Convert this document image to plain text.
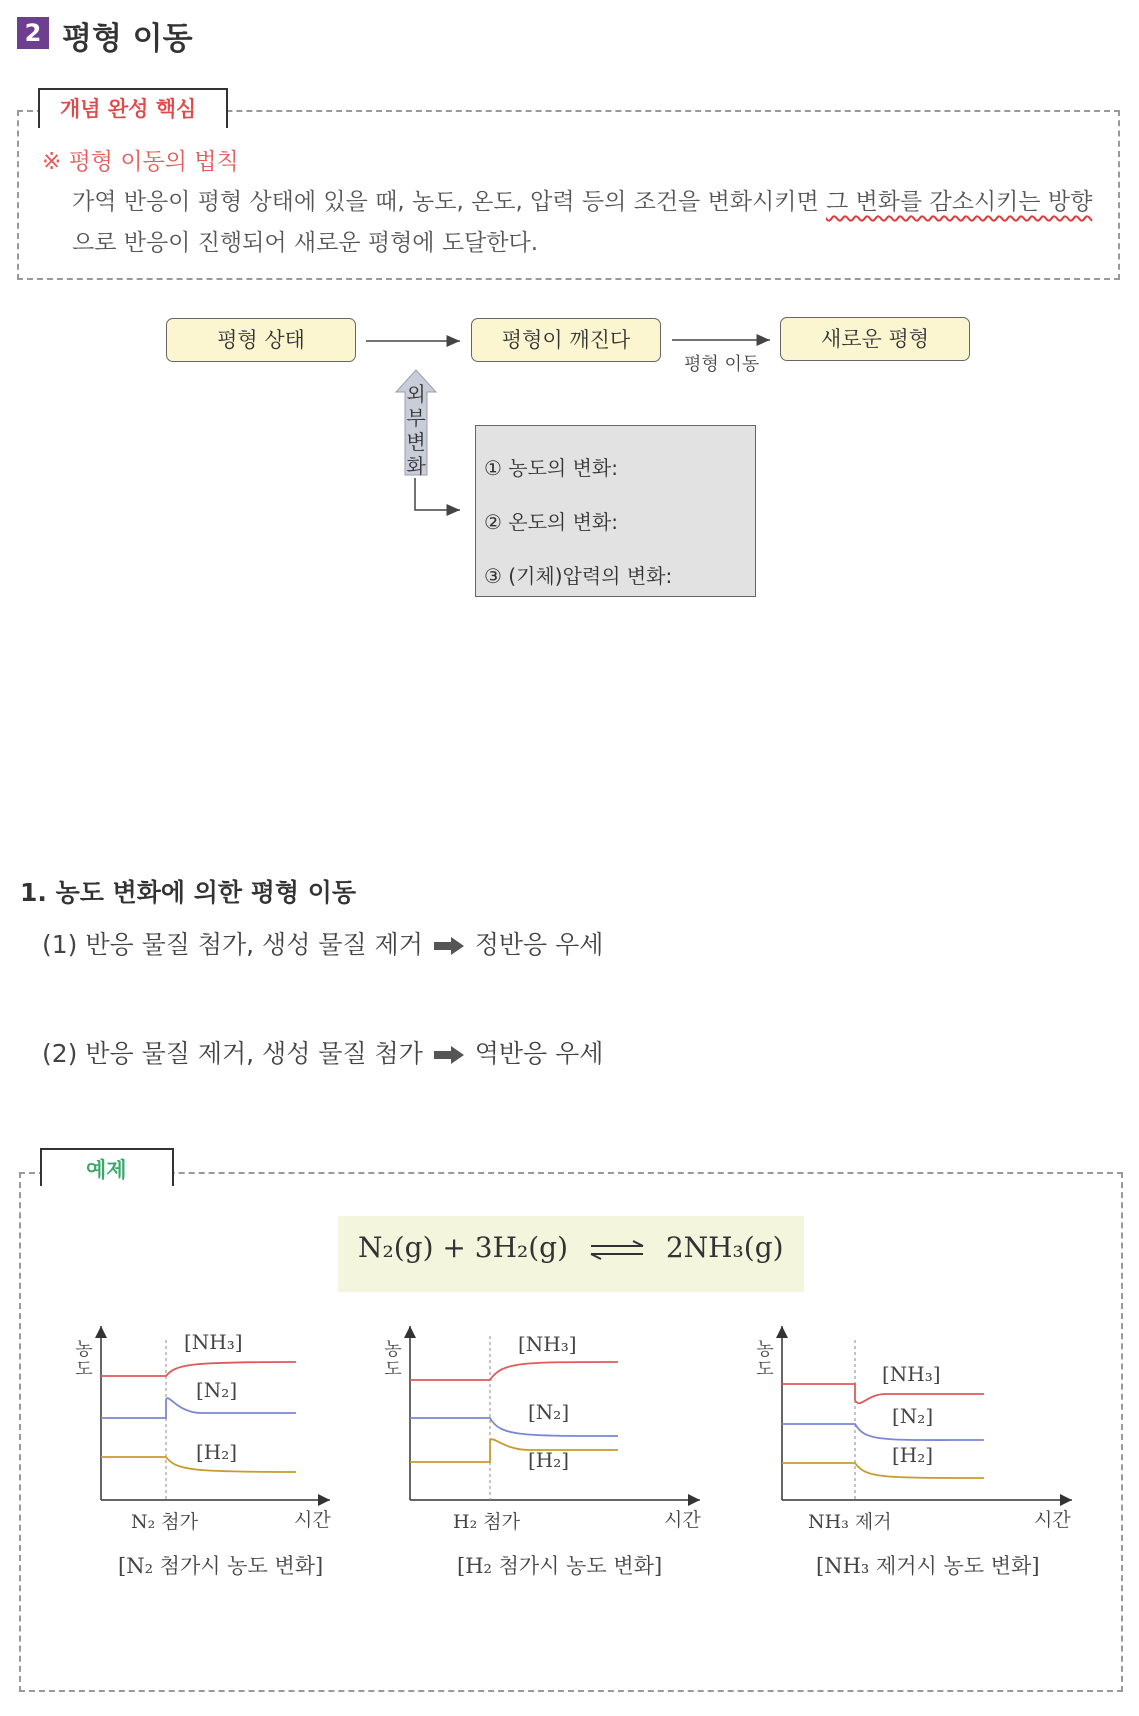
2 평형 이동
개념 완성 핵심
※ 평형 이동의 법칙
가역 반응이 평형 상태에 있을 때, 농도, 온도, 압력 등의 조건을 변화시키면 그 변화를 감소시키는 방향
으로 반응이 진행되어 새로운 평형에 도달한다.
평형 상태	평형이 깨진다	새로운 평형
평형 이동
외부변화	① 농도의 변화:
② 온도의 변화:
③ (기체)압력의 변화:
1. 농도 변화에 의한 평형 이동
(1) 반응 물질 첨가, 생성 물질 제거 정반응 우세
(2) 반응 물질 제거, 생성 물질 첨가 역반응 우세
예제
N₂(g) + 3H₂(g) ⇌ 2NH₃(g)
농도
[NH₃]
[N₂]
[H₂]
N₂ 첨가	시간
[N₂ 첨가시 농도 변화]
농도
[NH₃]
[N₂]
[H₂]
H₂ 첨가	시간
[H₂ 첨가시 농도 변화]
농도	[NH₃]
[N₂]
[H₂]
NH₃ 제거	시간
[NH₃ 제거시 농도 변화]
